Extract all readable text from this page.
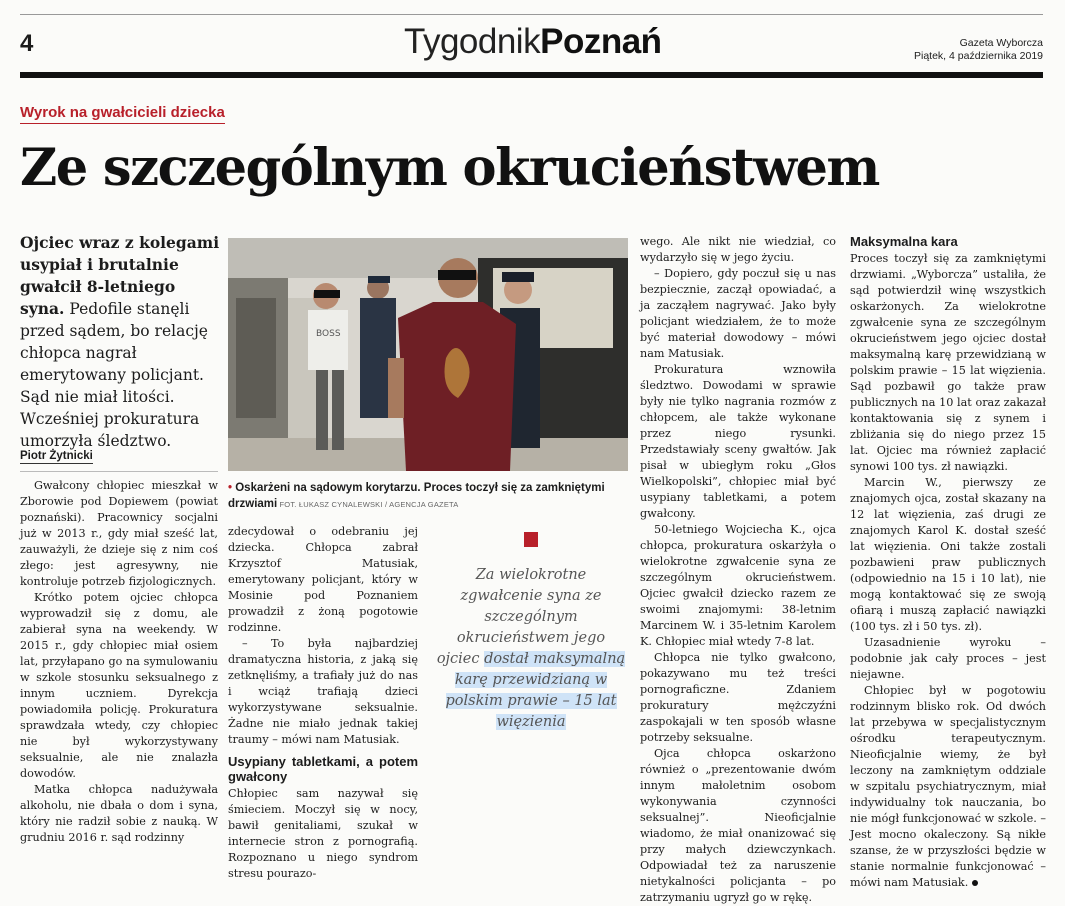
4	TygodnikPoznań	Gazeta Wyborcza
Piątek, 4 października 2019
Wyrok na gwałcicieli dziecka
Ze szczególnym okrucieństwem
Ojciec wraz z kolegami usypiał i brutalnie gwałcił 8-letniego syna. Pedofile stanęli przed sądem, bo relację chłopca nagrał emerytowany policjant. Sąd nie miał litości. Wcześniej prokuratura umorzyła śledztwo.
Piotr Żytnicki

Gwałcony chłopiec mieszkał w Zborowie pod Dopiewem (powiat poznański). Pracownicy socjalni już w 2013 r., gdy miał sześć lat, zauważyli, że dzieje się z nim coś złego: jest agresywny, nie kontroluje potrzeb fizjologicznych.

Krótko potem ojciec chłopca wyprowadził się z domu, ale zabierał syna na weekendy. W 2015 r., gdy chłopiec miał osiem lat, przyłapano go na symulowaniu w szkole stosunku seksualnego z innym uczniem. Dyrekcja powiadomiła policję. Prokuratura sprawdzała wtedy, czy chłopiec nie był wykorzystywany seksualnie, ale nie znalazła dowodów.

Matka chłopca nadużywała alkoholu, nie dbała o dom i syna, który nie radził sobie z nauką. W grudniu 2016 r. sąd rodzinny

BOSS
• Oskarżeni na sądowym korytarzu. Proces toczył się za zamkniętymi drzwiami FOT. ŁUKASZ CYNALEWSKI / AGENCJA GAZETA

zdecydował o odebraniu jej dziecka. Chłopca zabrał Krzysztof Matusiak, emerytowany policjant, który w Mosinie pod Poznaniem prowadził z żoną pogotowie rodzinne.

– To była najbardziej dramatyczna historia, z jaką się zetknęliśmy, a trafiały już do nas i wciąż trafiają dzieci wykorzystywane seksualnie. Żadne nie miało jednak takiej traumy – mówi nam Matusiak.

Usypiany tabletkami, a potem gwałcony

Chłopiec sam nazywał się śmieciem. Moczył się w nocy, bawił genitaliami, szukał w internecie stron z pornografią. Rozpoznano u niego syndrom stresu pourazo-

Za wielokrotne zgwałcenie syna ze szczególnym okrucieństwem jego ojciec dostał maksymalną karę przewidzianą w polskim prawie – 15 lat więzienia

wego. Ale nikt nie wiedział, co wydarzyło się w jego życiu.

– Dopiero, gdy poczuł się u nas bezpiecznie, zaczął opowiadać, a ja zacząłem nagrywać. Jako były policjant wiedziałem, że to może być materiał dowodowy – mówi nam Matusiak.

Prokuratura wznowiła śledztwo. Dowodami w sprawie były nie tylko nagrania rozmów z chłopcem, ale także wykonane przez niego rysunki. Przedstawiały sceny gwałtów. Jak pisał w ubiegłym roku „Głos Wielkopolski”, chłopiec miał być usypiany tabletkami, a potem gwałcony.

50-letniego Wojciecha K., ojca chłopca, prokuratura oskarżyła o wielokrotne zgwałcenie syna ze szczególnym okrucieństwem. Ojciec gwałcił dziecko razem ze swoimi znajomymi: 38-letnim Marcinem W. i 35-letnim Karolem K. Chłopiec miał wtedy 7-8 lat.

Chłopca nie tylko gwałcono, pokazywano mu też treści pornograficzne. Zdaniem prokuratury mężczyźni zaspokajali w ten sposób własne potrzeby seksualne.

Ojca chłopca oskarżono również o „prezentowanie dwóm innym małoletnim osobom wykonywania czynności seksualnej”. Nieoficjalnie wiadomo, że miał onanizować się przy małych dziewczynkach. Odpowiadał też za naruszenie nietykalności policjanta – po zatrzymaniu ugryzł go w rękę.

Maksymalna kara

Proces toczył się za zamkniętymi drzwiami. „Wyborcza” ustaliła, że sąd potwierdził winę wszystkich oskarżonych. Za wielokrotne zgwałcenie syna ze szczególnym okrucieństwem jego ojciec dostał maksymalną karę przewidzianą w polskim prawie – 15 lat więzienia. Sąd pozbawił go także praw publicznych na 10 lat oraz zakazał kontaktowania się z synem i zbliżania się do niego przez 15 lat. Ojciec ma również zapłacić synowi 100 tys. zł nawiązki.

Marcin W., pierwszy ze znajomych ojca, został skazany na 12 lat więzienia, zaś drugi ze znajomych Karol K. dostał sześć lat więzienia. Oni także zostali pozbawieni praw publicznych (odpowiednio na 15 i 10 lat), nie mogą kontaktować się ze swoją ofiarą i muszą zapłacić nawiązki (100 tys. zł i 50 tys. zł).

Uzasadnienie wyroku – podobnie jak cały proces – jest niejawne.

Chłopiec był w pogotowiu rodzinnym blisko rok. Od dwóch lat przebywa w specjalistycznym ośrodku terapeutycznym. Nieoficjalnie wiemy, że był leczony na zamkniętym oddziale w szpitalu psychiatrycznym, miał indywidualny tok nauczania, bo nie mógł funkcjonować w szkole. – Jest mocno okaleczony. Są nikłe szanse, że w przyszłości będzie w stanie normalnie funkcjonować – mówi nam Matusiak.
